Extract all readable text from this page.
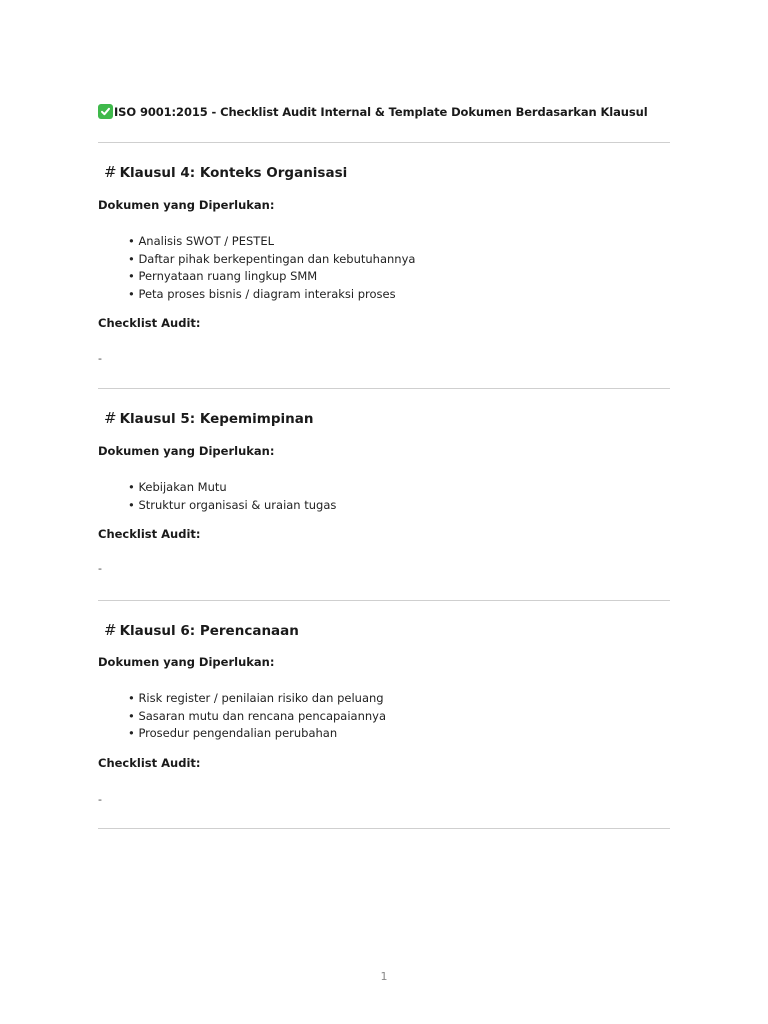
ISO 9001:2015 - Checklist Audit Internal & Template Dokumen Berdasarkan Klausul
# Klausul 4: Konteks Organisasi
Dokumen yang Diperlukan:
• Analisis SWOT / PESTEL
• Daftar pihak berkepentingan dan kebutuhannya
• Pernyataan ruang lingkup SMM
• Peta proses bisnis / diagram interaksi proses
Checklist Audit:
-
# Klausul 5: Kepemimpinan
Dokumen yang Diperlukan:
• Kebijakan Mutu
• Struktur organisasi & uraian tugas
Checklist Audit:
-
# Klausul 6: Perencanaan
Dokumen yang Diperlukan:
• Risk register / penilaian risiko dan peluang
• Sasaran mutu dan rencana pencapaiannya
• Prosedur pengendalian perubahan
Checklist Audit:
-
1
